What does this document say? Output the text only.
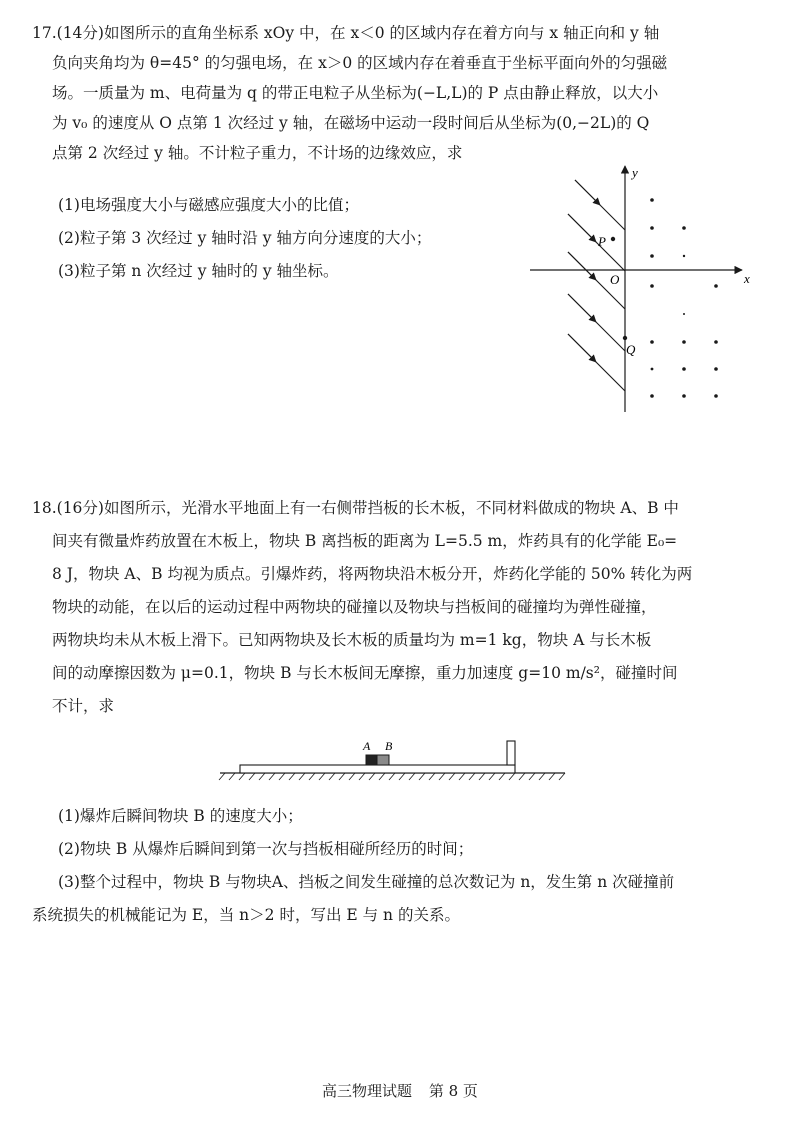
17.(14分)如图所示的直角坐标系 xOy 中，在 x＜0 的区域内存在着方向与 x 轴正向和 y 轴
负向夹角均为 θ=45° 的匀强电场，在 x＞0 的区域内存在着垂直于坐标平面向外的匀强磁
场。一质量为 m、电荷量为 q 的带正电粒子从坐标为(−L,L)的 P 点由静止释放，以大小
为 v₀ 的速度从 O 点第 1 次经过 y 轴，在磁场中运动一段时间后从坐标为(0,−2L)的 Q
点第 2 次经过 y 轴。不计粒子重力，不计场的边缘效应，求
(1)电场强度大小与磁感应强度大小的比值；
(2)粒子第 3 次经过 y 轴时沿 y 轴方向分速度的大小；
(3)粒子第 n 次经过 y 轴时的 y 轴坐标。
y
x
O
P
Q
18.(16分)如图所示，光滑水平地面上有一右侧带挡板的长木板，不同材料做成的物块 A、B 中
间夹有微量炸药放置在木板上，物块 B 离挡板的距离为 L=5.5 m，炸药具有的化学能 E₀=
8 J，物块 A、B 均视为质点。引爆炸药，将两物块沿木板分开，炸药化学能的 50% 转化为两
物块的动能，在以后的运动过程中两物块的碰撞以及物块与挡板间的碰撞均为弹性碰撞，
两物块均未从木板上滑下。已知两物块及长木板的质量均为 m=1 kg，物块 A 与长木板
间的动摩擦因数为 μ=0.1，物块 B 与长木板间无摩擦，重力加速度 g=10 m/s²，碰撞时间
不计，求
A B
(1)爆炸后瞬间物块 B 的速度大小；
(2)物块 B 从爆炸后瞬间到第一次与挡板相碰所经历的时间；
(3)整个过程中，物块 B 与物块A、挡板之间发生碰撞的总次数记为 n，发生第 n 次碰撞前
系统损失的机械能记为 E，当 n＞2 时，写出 E 与 n 的关系。
高三物理试题 第 8 页
